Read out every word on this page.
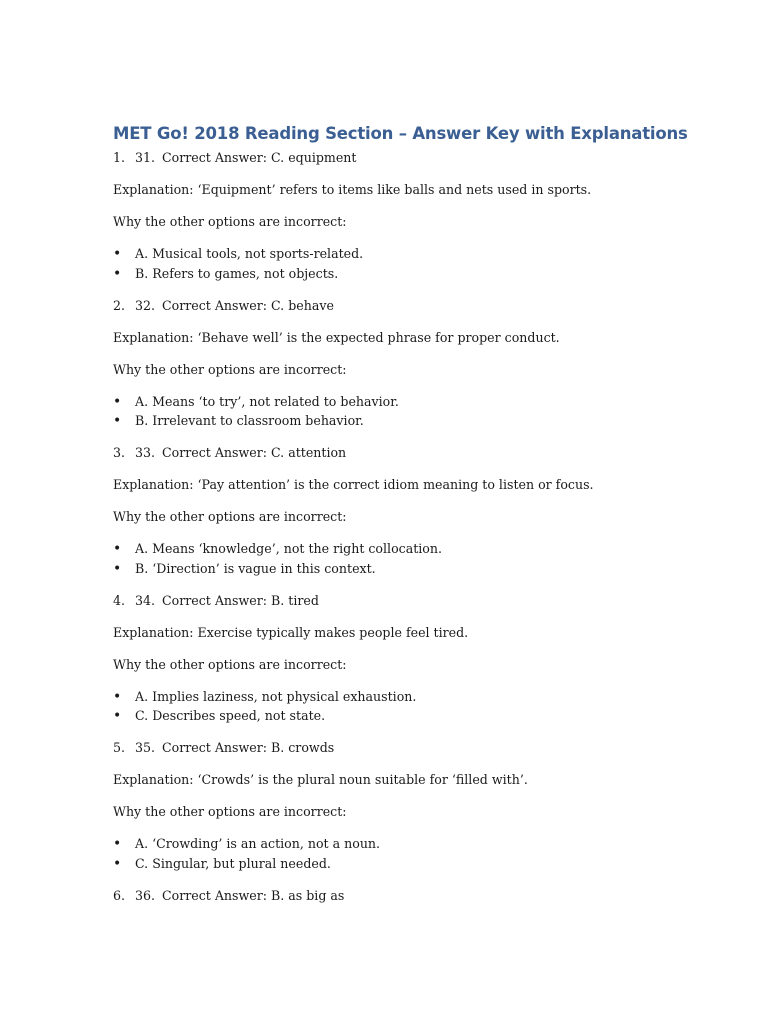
MET Go! 2018 Reading Section – Answer Key with Explanations
1. 31. Correct Answer: C. equipment
Explanation: ‘Equipment’ refers to items like balls and nets used in sports.
Why the other options are incorrect:
• A. Musical tools, not sports-related.
• B. Refers to games, not objects.
2. 32. Correct Answer: C. behave
Explanation: ‘Behave well’ is the expected phrase for proper conduct.
Why the other options are incorrect:
• A. Means ‘to try’, not related to behavior.
• B. Irrelevant to classroom behavior.
3. 33. Correct Answer: C. attention
Explanation: ‘Pay attention’ is the correct idiom meaning to listen or focus.
Why the other options are incorrect:
• A. Means ‘knowledge’, not the right collocation.
• B. ‘Direction’ is vague in this context.
4. 34. Correct Answer: B. tired
Explanation: Exercise typically makes people feel tired.
Why the other options are incorrect:
• A. Implies laziness, not physical exhaustion.
• C. Describes speed, not state.
5. 35. Correct Answer: B. crowds
Explanation: ‘Crowds’ is the plural noun suitable for ‘filled with’.
Why the other options are incorrect:
• A. ‘Crowding’ is an action, not a noun.
• C. Singular, but plural needed.
6. 36. Correct Answer: B. as big as
